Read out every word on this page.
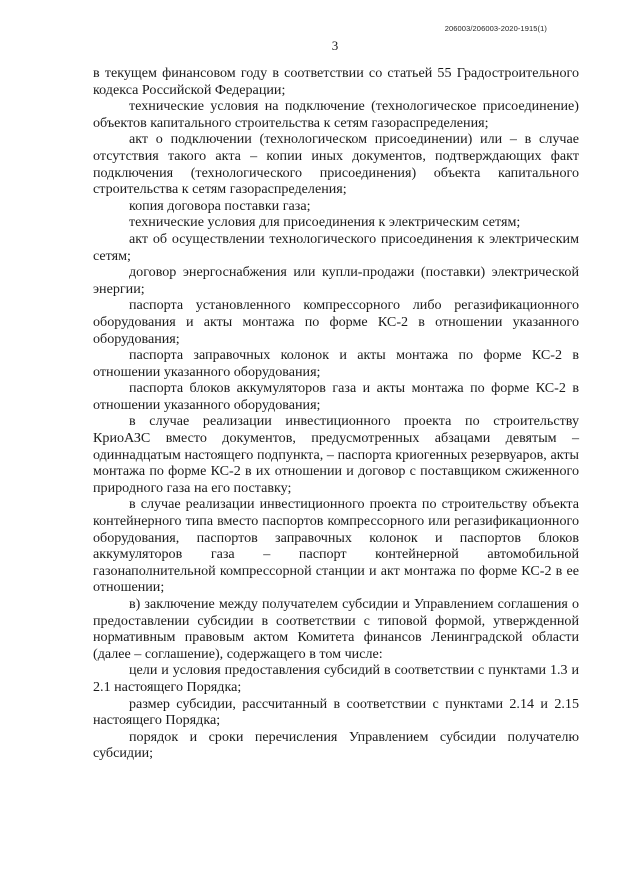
206003/206003-2020-1915(1)
3

в текущем финансовом году в соответствии со статьей 55 Градостроительного кодекса Российской Федерации;

технические условия на подключение (технологическое присоединение) объектов капитального строительства к сетям газораспределения;

акт о подключении (технологическом присоединении) или – в случае отсутствия такого акта – копии иных документов, подтверждающих факт подключения (технологического присоединения) объекта капитального строительства к сетям газораспределения;

копия договора поставки газа;

технические условия для присоединения к электрическим сетям;

акт об осуществлении технологического присоединения к электрическим сетям;

договор энергоснабжения или купли-продажи (поставки) электрической энергии;

паспорта установленного компрессорного либо регазификационного оборудования и акты монтажа по форме КС-2 в отношении указанного оборудования;

паспорта заправочных колонок и акты монтажа по форме КС-2 в отношении указанного оборудования;

паспорта блоков аккумуляторов газа и акты монтажа по форме КС-2 в отношении указанного оборудования;

в случае реализации инвестиционного проекта по строительству КриоАЗС вместо документов, предусмотренных абзацами девятым – одиннадцатым настоящего подпункта, – паспорта криогенных резервуаров, акты монтажа по форме КС-2 в их отношении и договор с поставщиком сжиженного природного газа на его поставку;

в случае реализации инвестиционного проекта по строительству объекта контейнерного типа вместо паспортов компрессорного или регазификационного оборудования, паспортов заправочных колонок и паспортов блоков аккумуляторов газа – паспорт контейнерной автомобильной газонаполнительной компрессорной станции и акт монтажа по форме КС-2 в ее отношении;

в) заключение между получателем субсидии и Управлением соглашения о предоставлении субсидии в соответствии с типовой формой, утвержденной нормативным правовым актом Комитета финансов Ленинградской области (далее – соглашение), содержащего в том числе:

цели и условия предоставления субсидий в соответствии с пунктами 1.3 и 2.1 настоящего Порядка;

размер субсидии, рассчитанный в соответствии с пунктами 2.14 и 2.15 настоящего Порядка;

порядок и сроки перечисления Управлением субсидии получателю субсидии;
